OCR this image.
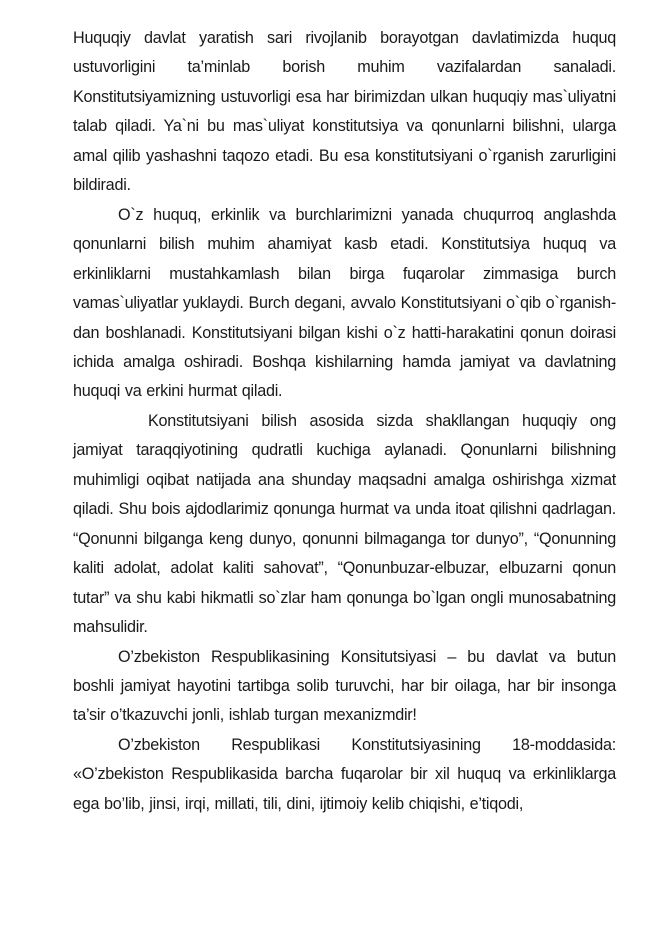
Huquqiy davlat yaratish sari rivojlanib borayotgan davlatimizda huquq ustuvorligini ta’minlab borish muhim vazifalardan sanaladi. Konstitutsiyamizning ustuvorligi esa har birimizdan ulkan huquqiy mas`uliyatni talab qiladi. Ya`ni bu mas`uliyat konstitutsiya va qonunlarni bilishni, ularga amal qilib yashashni taqozo etadi. Bu esa konstitutsiyani o`rganish zarurligini bildiradi.

O`z huquq, erkinlik va burchlarimizni yanada chuqurroq anglashda qonunlarni bilish muhim ahamiyat kasb etadi. Konstitutsiya huquq va erkinliklarni mustahkamlash bilan birga fuqarolar zimmasiga burch vamas`uliyatlar yuklaydi. Burch degani, avvalo Konstitutsiyani o`qib o`rganish-dan boshlanadi. Konstitutsiyani bilgan kishi o`z hatti-harakatini qonun doirasi ichida amalga oshiradi. Boshqa kishilarning hamda jamiyat va davlatning huquqi va erkini hurmat qiladi.

Konstitutsiyani bilish asosida sizda shakllangan huquqiy ong jamiyat taraqqiyotining qudratli kuchiga aylanadi. Qonunlarni bilishning muhimligi oqibat natijada ana shunday maqsadni amalga oshirishga xizmat qiladi. Shu bois ajdodlarimiz qonunga hurmat va unda itoat qilishni qadrlagan. “Qonunni bilganga keng dunyo, qonunni bilmaganga tor dunyo”, “Qonunning kaliti adolat, adolat kaliti sahovat”, “Qonunbuzar-elbuzar, elbuzarni qonun tutar” va shu kabi hikmatli so`zlar ham qonunga bo`lgan ongli munosabatning mahsulidir.

O’zbekiston Respublikasining Konsitutsiyasi – bu davlat va butun boshli jamiyat hayotini tartibga solib turuvchi, har bir oilaga, har bir insonga ta’sir o’tkazuvchi jonli, ishlab turgan mexanizmdir!

O’zbekiston Respublikasi Konstitutsiyasining 18-moddasida: «O’zbekiston Respublikasida barcha fuqarolar bir xil huquq va erkinliklarga ega bo’lib, jinsi, irqi, millati, tili, dini, ijtimoiy kelib chiqishi, e’tiqodi,
